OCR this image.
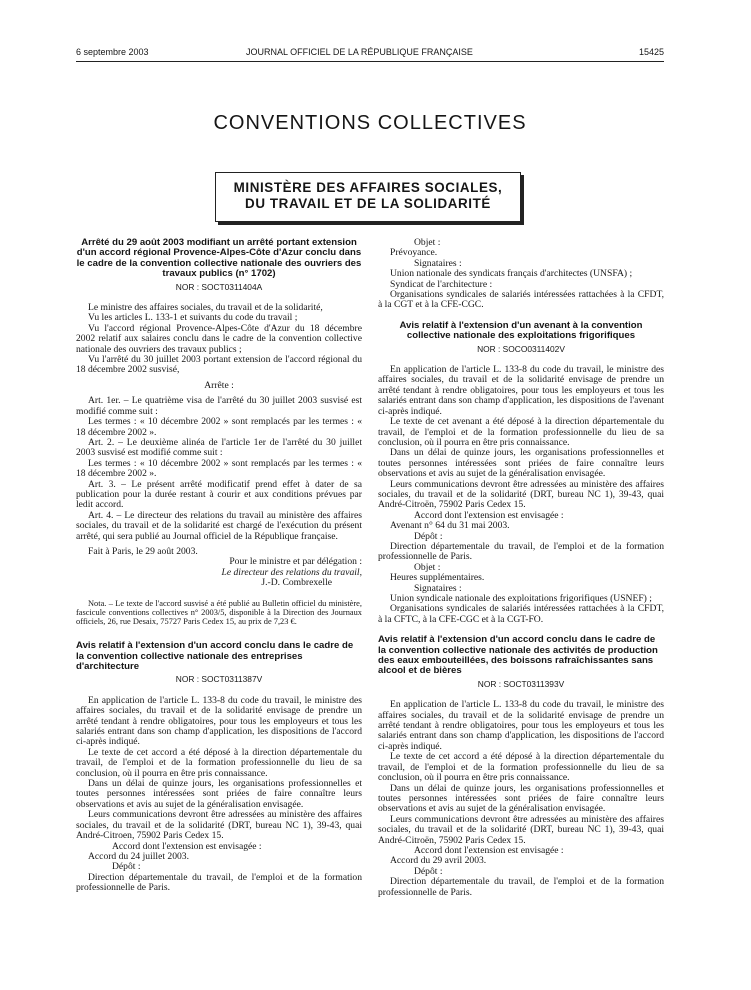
6 septembre 2003	JOURNAL OFFICIEL DE LA RÉPUBLIQUE FRANÇAISE	15425
CONVENTIONS COLLECTIVES
MINISTÈRE DES AFFAIRES SOCIALES,
DU TRAVAIL ET DE LA SOLIDARITÉ
Arrêté du 29 août 2003 modifiant un arrêté portant extension d'un accord régional Provence-Alpes-Côte d'Azur conclu dans le cadre de la convention collective nationale des ouvriers des travaux publics (n° 1702)
NOR : SOCT0311404A

Le ministre des affaires sociales, du travail et de la solidarité,

Vu les articles L. 133-1 et suivants du code du travail ;

Vu l'accord régional Provence-Alpes-Côte d'Azur du 18 décembre 2002 relatif aux salaires conclu dans le cadre de la convention collective nationale des ouvriers des travaux publics ;

Vu l'arrêté du 30 juillet 2003 portant extension de l'accord régional du 18 décembre 2002 susvisé,

Arrête :

Art. 1er. – Le quatrième visa de l'arrêté du 30 juillet 2003 susvisé est modifié comme suit :

Les termes : « 10 décembre 2002 » sont remplacés par les termes : « 18 décembre 2002 ».

Art. 2. – Le deuxième alinéa de l'article 1er de l'arrêté du 30 juillet 2003 susvisé est modifié comme suit :

Les termes : « 10 décembre 2002 » sont remplacés par les termes : « 18 décembre 2002 ».

Art. 3. – Le présent arrêté modificatif prend effet à dater de sa publication pour la durée restant à courir et aux conditions prévues par ledit accord.

Art. 4. – Le directeur des relations du travail au ministère des affaires sociales, du travail et de la solidarité est chargé de l'exécution du présent arrêté, qui sera publié au Journal officiel de la République française.

Fait à Paris, le 29 août 2003.

Pour le ministre et par délégation :

Le directeur des relations du travail,

J.-D. Combrexelle

Nota. – Le texte de l'accord susvisé a été publié au Bulletin officiel du ministère, fascicule conventions collectives n° 2003/5, disponible à la Direction des Journaux officiels, 26, rue Desaix, 75727 Paris Cedex 15, au prix de 7,23 €.

Avis relatif à l'extension d'un accord conclu dans le cadre de la convention collective nationale des entreprises d'architecture
NOR : SOCT0311387V

En application de l'article L. 133-8 du code du travail, le ministre des affaires sociales, du travail et de la solidarité envisage de prendre un arrêté tendant à rendre obligatoires, pour tous les employeurs et tous les salariés entrant dans son champ d'application, les dispositions de l'accord ci-après indiqué.

Le texte de cet accord a été déposé à la direction départementale du travail, de l'emploi et de la formation professionnelle du lieu de sa conclusion, où il pourra en être pris connaissance.

Dans un délai de quinze jours, les organisations professionnelles et toutes personnes intéressées sont priées de faire connaître leurs observations et avis au sujet de la généralisation envisagée.

Leurs communications devront être adressées au ministère des affaires sociales, du travail et de la solidarité (DRT, bureau NC 1), 39-43, quai André-Citroen, 75902 Paris Cedex 15.

Accord dont l'extension est envisagée :

Accord du 24 juillet 2003.

Dépôt :

Direction départementale du travail, de l'emploi et de la formation professionnelle de Paris.

Objet :

Prévoyance.

Signataires :

Union nationale des syndicats français d'architectes (UNSFA) ;

Syndicat de l'architecture :

Organisations syndicales de salariés intéressées rattachées à la CFDT, à la CGT et à la CFE-CGC.

Avis relatif à l'extension d'un avenant à la convention collective nationale des exploitations frigorifiques
NOR : SOCO0311402V

En application de l'article L. 133-8 du code du travail, le ministre des affaires sociales, du travail et de la solidarité envisage de prendre un arrêté tendant à rendre obligatoires, pour tous les employeurs et tous les salariés entrant dans son champ d'application, les dispositions de l'avenant ci-après indiqué.

Le texte de cet avenant a été déposé à la direction départementale du travail, de l'emploi et de la formation professionnelle du lieu de sa conclusion, où il pourra en être pris connaissance.

Dans un délai de quinze jours, les organisations professionnelles et toutes personnes intéressées sont priées de faire connaître leurs observations et avis au sujet de la généralisation envisagée.

Leurs communications devront être adressées au ministère des affaires sociales, du travail et de la solidarité (DRT, bureau NC 1), 39-43, quai André-Citroën, 75902 Paris Cedex 15.

Accord dont l'extension est envisagée :

Avenant n° 64 du 31 mai 2003.

Dépôt :

Direction départementale du travail, de l'emploi et de la formation professionnelle de Paris.

Objet :

Heures supplémentaires.

Signataires :

Union syndicale nationale des exploitations frigorifiques (USNEF) ;

Organisations syndicales de salariés intéressées rattachées à la CFDT, à la CFTC, à la CFE-CGC et à la CGT-FO.

Avis relatif à l'extension d'un accord conclu dans le cadre de la convention collective nationale des activités de production des eaux embouteillées, des boissons rafraîchissantes sans alcool et de bières
NOR : SOCT0311393V

En application de l'article L. 133-8 du code du travail, le ministre des affaires sociales, du travail et de la solidarité envisage de prendre un arrêté tendant à rendre obligatoires, pour tous les employeurs et tous les salariés entrant dans son champ d'application, les dispositions de l'accord ci-après indiqué.

Le texte de cet accord a été déposé à la direction départementale du travail, de l'emploi et de la formation professionnelle du lieu de sa conclusion, où il pourra en être pris connaissance.

Dans un délai de quinze jours, les organisations professionnelles et toutes personnes intéressées sont priées de faire connaître leurs observations et avis au sujet de la généralisation envisagée.

Leurs communications devront être adressées au ministère des affaires sociales, du travail et de la solidarité (DRT, bureau NC 1), 39-43, quai André-Citroën, 75902 Paris Cedex 15.

Accord dont l'extension est envisagée :

Accord du 29 avril 2003.

Dépôt :

Direction départementale du travail, de l'emploi et de la formation professionnelle de Paris.
